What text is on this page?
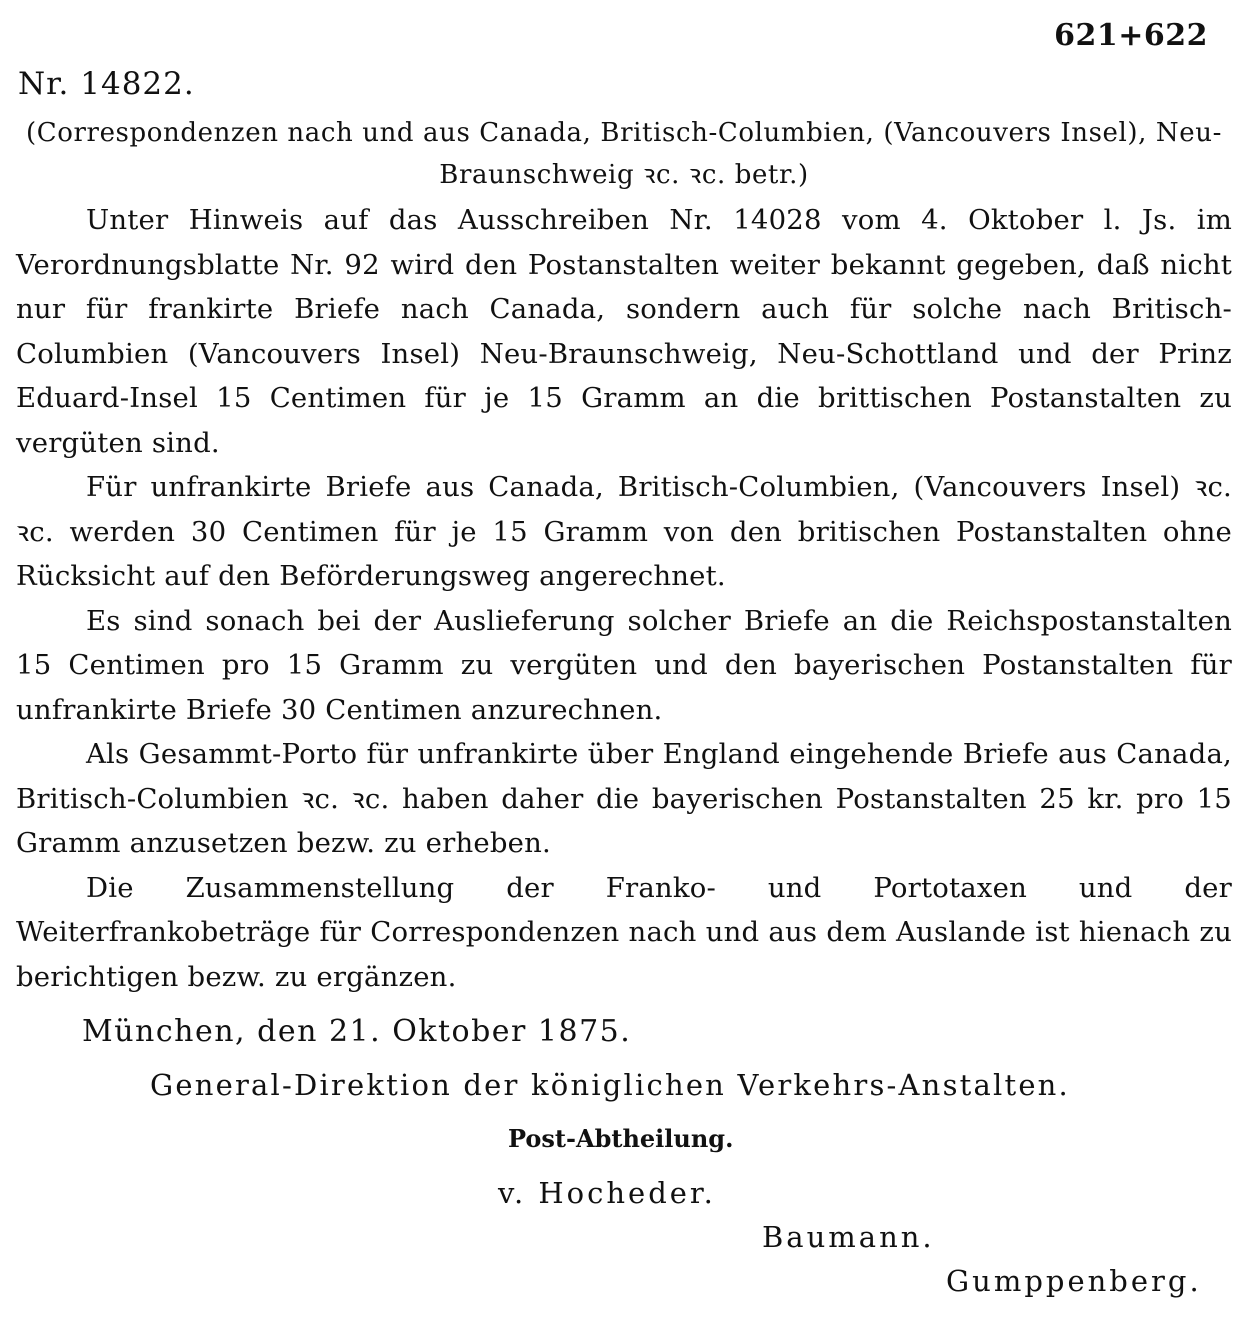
621+622
Nr. 14822.
(Correspondenzen nach und aus Canada, Britisch-Columbien, (Vancouvers Insel), Neu-Braunschweig ꝛc. ꝛc. betr.)

Unter Hinweis auf das Ausschreiben Nr. 14028 vom 4. Oktober l. Js. im Verordnungsblatte Nr. 92 wird den Postanstalten weiter bekannt gegeben, daß nicht nur für frankirte Briefe nach Canada, sondern auch für solche nach Britisch-Columbien (Vancouvers Insel) Neu-Braunschweig, Neu-Schottland und der Prinz Eduard-Insel 15 Centimen für je 15 Gramm an die brittischen Postanstalten zu vergüten sind.

Für unfrankirte Briefe aus Canada, Britisch-Columbien, (Vancouvers Insel) ꝛc. ꝛc. werden 30 Centimen für je 15 Gramm von den britischen Postanstalten ohne Rücksicht auf den Beförderungsweg angerechnet.

Es sind sonach bei der Auslieferung solcher Briefe an die Reichspostanstalten 15 Centimen pro 15 Gramm zu vergüten und den bayerischen Postanstalten für unfrankirte Briefe 30 Centimen anzurechnen.

Als Gesammt-Porto für unfrankirte über England eingehende Briefe aus Canada, Britisch-Columbien ꝛc. ꝛc. haben daher die bayerischen Postanstalten 25 kr. pro 15 Gramm anzusetzen bezw. zu erheben.

Die Zusammenstellung der Franko- und Portotaxen und der Weiterfrankobeträge für Correspondenzen nach und aus dem Auslande ist hienach zu berichtigen bezw. zu ergänzen.

München, den 21. Oktober 1875.
General-Direktion der königlichen Verkehrs-Anstalten.
Post-Abtheilung.
v. Hocheder.
Baumann.
Gumppenberg.
